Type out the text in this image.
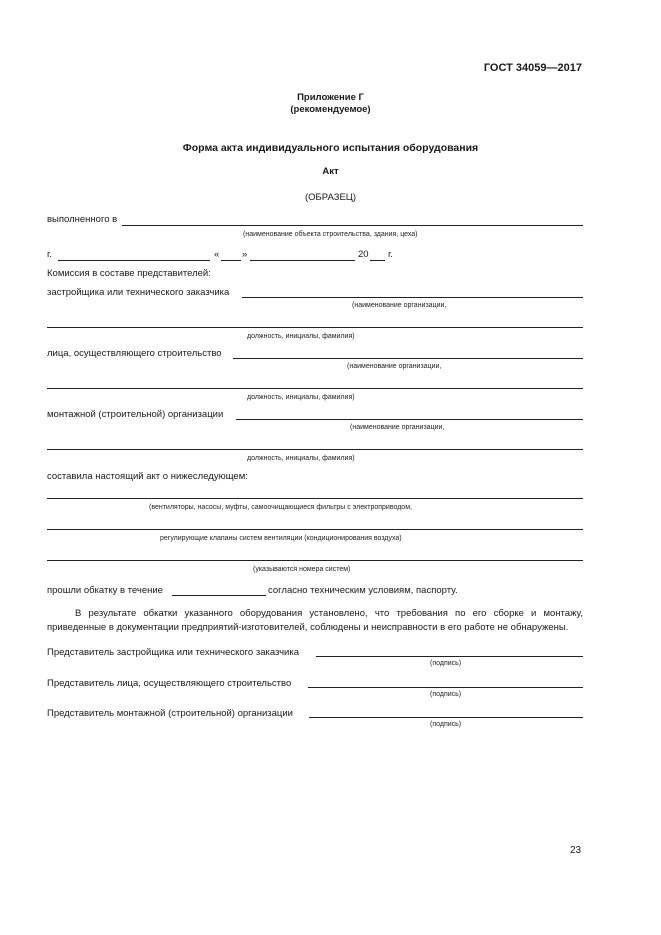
ГОСТ 34059—2017
Приложение Г
(рекомендуемое)
Форма акта индивидуального испытания оборудования
Акт
(ОБРАЗЕЦ)
выполненного в
(наименование объекта строительства, здания, цеха)
г.	« »	20 г.
Комиссия в составе представителей:
застройщика или технического заказчика
(наименование организации,
должность, инициалы, фамилия)
лица, осуществляющего строительство
(наименование организации,
должность, инициалы, фамилия)
монтажной (строительной) организации
(наименование организации,
должность, инициалы, фамилия)
составила настоящий акт о нижеследующем:
(вентиляторы, насосы, муфты, самоочищающиеся фильтры с электроприводом,
регулирующие клапаны систем вентиляции (кондиционирования воздуха)
(указываются номера систем)
прошли обкатку в течение	согласно техническим условиям, паспорту.
В результате обкатки указанного оборудования установлено, что требования по его сборке и монтажу, приведенные в документации предприятий-изготовителей, соблюдены и неисправности в его работе не обнаружены.
Представитель застройщика или технического заказчика
(подпись)
Представитель лица, осуществляющего строительство
(подпись)
Представитель монтажной (строительной) организации
(подпись)
23
